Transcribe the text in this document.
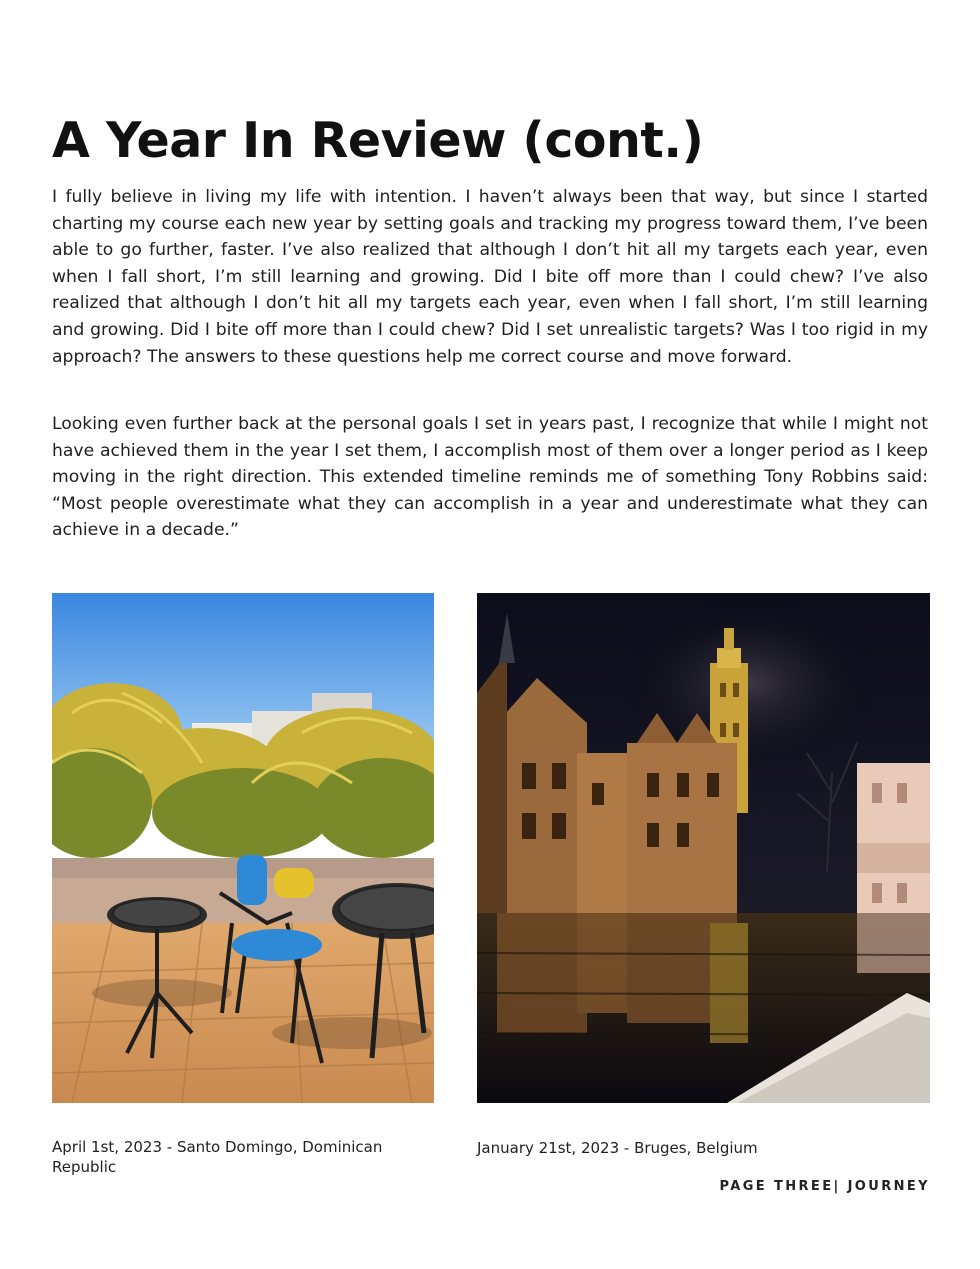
A Year In Review (cont.)

I fully believe in living my life with intention. I haven’t always been that way, but since I started charting my course each new year by setting goals and tracking my progress toward them, I’ve been able to go further, faster. I’ve also realized that although I don’t hit all my targets each year, even when I fall short, I’m still learning and growing. Did I bite off more than I could chew? I’ve also realized that although I don’t hit all my targets each year, even when I fall short, I’m still learning and growing. Did I bite off more than I could chew? Did I set unrealistic targets? Was I too rigid in my approach? The answers to these questions help me correct course and move forward.

Looking even further back at the personal goals I set in years past, I recognize that while I might not have achieved them in the year I set them, I accomplish most of them over a longer period as I keep moving in the right direction. This extended timeline reminds me of something Tony Robbins said: “Most people overestimate what they can accomplish in a year and underestimate what they can achieve in a decade.”

April 1st, 2023 - Santo Domingo, Dominican Republic

January 21st, 2023 - Bruges, Belgium

PAGE THREE| JOURNEY
